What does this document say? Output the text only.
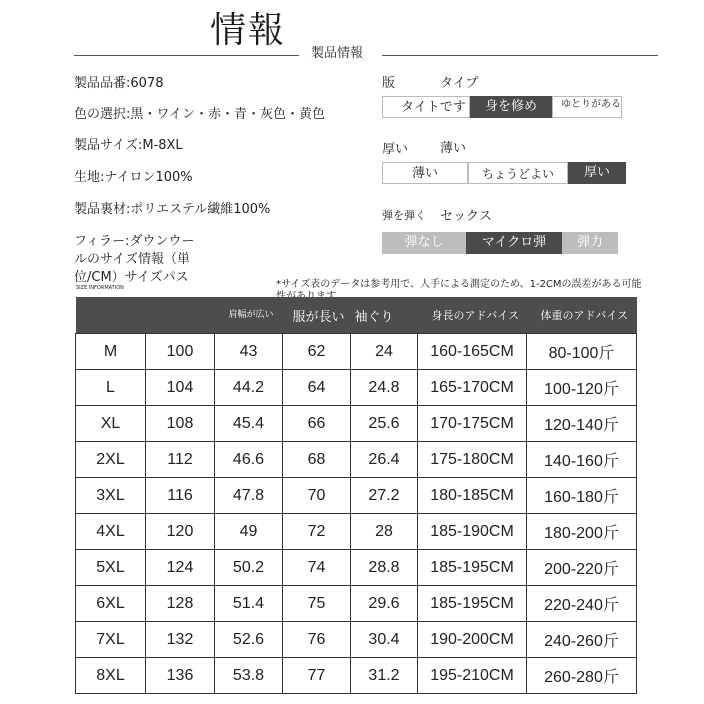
情報
製品情報
製品品番:6078
色の選択:黒・ワイン・赤・青・灰色・黄色
製品サイズ:M-8XL
生地:ナイロン100%
製品裏材:ポリエステル繊維100%
フィラー:ダウンウー
ルのサイズ情報（単
位/CM）サイズパス
版	タイプ
タイトです	身を修め	ゆとりがある
厚い 薄い
薄い	ちょうどよい	厚い
弾を弾く セックス
弾なし	マイクロ弾	弾力
*サイズ表のデータは参考用で、人手による測定のため、1-2CMの誤差がある可能
SIZE INFORMATION
		肩幅が広い	服が長い	袖ぐり	身長のアドバイス	体重のアドバイス
M	100	43	62	24	160-165CM	80-100斤
L	104	44.2	64	24.8	165-170CM	100-120斤
XL	108	45.4	66	25.6	170-175CM	120-140斤
2XL	112	46.6	68	26.4	175-180CM	140-160斤
3XL	116	47.8	70	27.2	180-185CM	160-180斤
4XL	120	49	72	28	185-190CM	180-200斤
5XL	124	50.2	74	28.8	185-195CM	200-220斤
6XL	128	51.4	75	29.6	185-195CM	220-240斤
7XL	132	52.6	76	30.4	190-200CM	240-260斤
8XL	136	53.8	77	31.2	195-210CM	260-280斤
